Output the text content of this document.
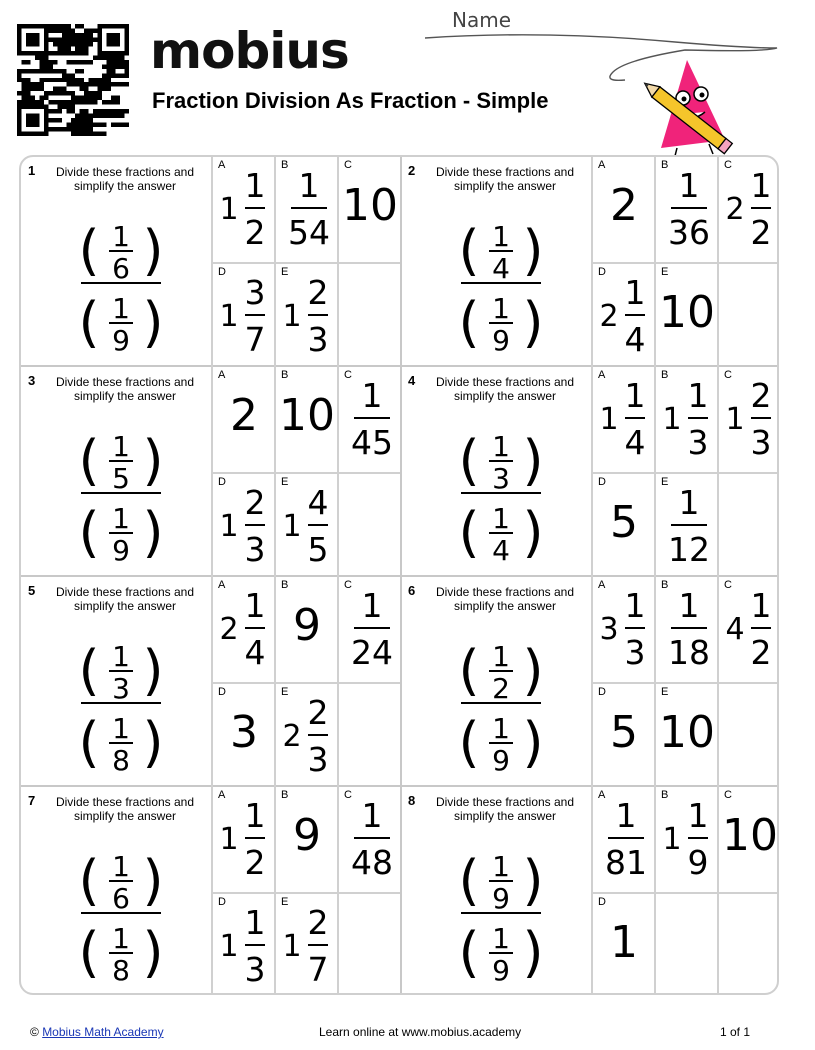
mobius
Fraction Division As Fraction - Simple
Name
1	Divide these fractions and simplify the answer
( )
1
6
( )
1
9
A
1
1
2
B
1
54
C
10
D
1
3
7
E
1
2
3
2	Divide these fractions and simplify the answer
( )
1
4
( )
1
9
A
2
B
1
36
C
2
1
2
D
2
1
4
E
10
3	Divide these fractions and simplify the answer
( )
1
5
( )
1
9
A
2
B
10
C
1
45
D
1
2
3
E
1
4
5
4	Divide these fractions and simplify the answer
( )
1
3
( )
1
4
A
1
1
4
B
1
1
3
C
1
2
3
D
5
E
1
12
5	Divide these fractions and simplify the answer
( )
1
3
( )
1
8
A
2
1
4
B
9
C
1
24
D
3
E
2
2
3
6	Divide these fractions and simplify the answer
( )
1
2
( )
1
9
A
3
1
3
B
1
18
C
4
1
2
D
5
E
10
7	Divide these fractions and simplify the answer
( )
1
6
( )
1
8
A
1
1
2
B
9
C
1
48
D
1
1
3
E
1
2
7
8	Divide these fractions and simplify the answer
( )
1
9
( )
1
9
A
1
81
B
1
1
9
C
10
D
1
© Mobius Math Academy	Learn online at www.mobius.academy	1 of 1
